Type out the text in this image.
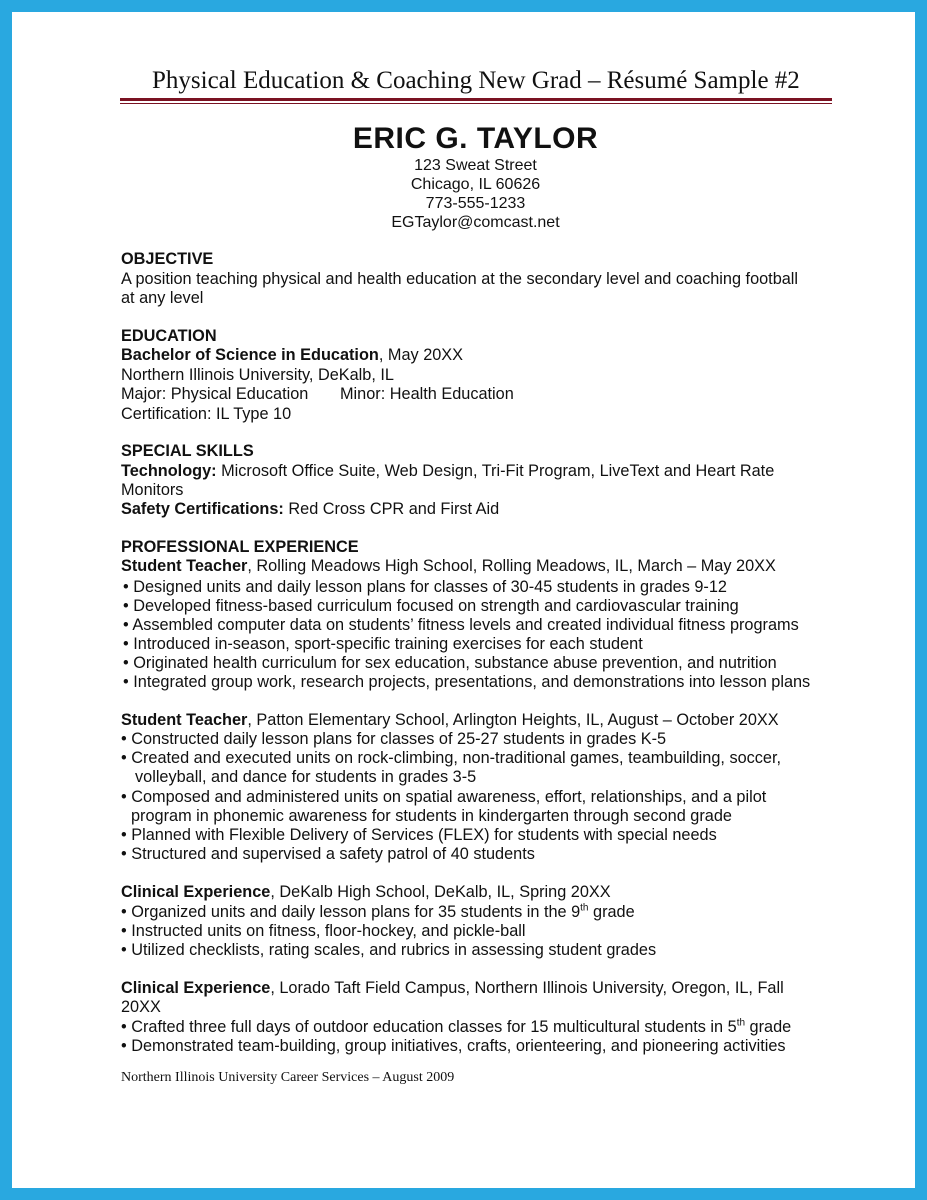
Physical Education & Coaching New Grad – Résumé Sample #2
ERIC G. TAYLOR
123 Sweat Street
Chicago, IL 60626
773-555-1233
EGTaylor@comcast.net
OBJECTIVE
A position teaching physical and health education at the secondary level and coaching football
at any level
EDUCATION
Bachelor of Science in Education, May 20XX
Northern Illinois University, DeKalb, IL
Major: Physical Education Minor: Health Education
Certification: IL Type 10
SPECIAL SKILLS
Technology: Microsoft Office Suite, Web Design, Tri-Fit Program, LiveText and Heart Rate
Monitors
Safety Certifications: Red Cross CPR and First Aid
PROFESSIONAL EXPERIENCE
Student Teacher, Rolling Meadows High School, Rolling Meadows, IL, March – May 20XX
• Designed units and daily lesson plans for classes of 30-45 students in grades 9-12
• Developed fitness-based curriculum focused on strength and cardiovascular training
• Assembled computer data on students’ fitness levels and created individual fitness programs
• Introduced in-season, sport-specific training exercises for each student
• Originated health curriculum for sex education, substance abuse prevention, and nutrition
• Integrated group work, research projects, presentations, and demonstrations into lesson plans
Student Teacher, Patton Elementary School, Arlington Heights, IL, August – October 20XX
• Constructed daily lesson plans for classes of 25-27 students in grades K-5
• Created and executed units on rock-climbing, non-traditional games, teambuilding, soccer,
volleyball, and dance for students in grades 3-5
• Composed and administered units on spatial awareness, effort, relationships, and a pilot
program in phonemic awareness for students in kindergarten through second grade
• Planned with Flexible Delivery of Services (FLEX) for students with special needs
• Structured and supervised a safety patrol of 40 students
Clinical Experience, DeKalb High School, DeKalb, IL, Spring 20XX
• Organized units and daily lesson plans for 35 students in the 9th grade
• Instructed units on fitness, floor-hockey, and pickle-ball
• Utilized checklists, rating scales, and rubrics in assessing student grades
Clinical Experience, Lorado Taft Field Campus, Northern Illinois University, Oregon, IL, Fall
20XX
• Crafted three full days of outdoor education classes for 15 multicultural students in 5th grade
• Demonstrated team-building, group initiatives, crafts, orienteering, and pioneering activities
Northern Illinois University Career Services – August 2009
